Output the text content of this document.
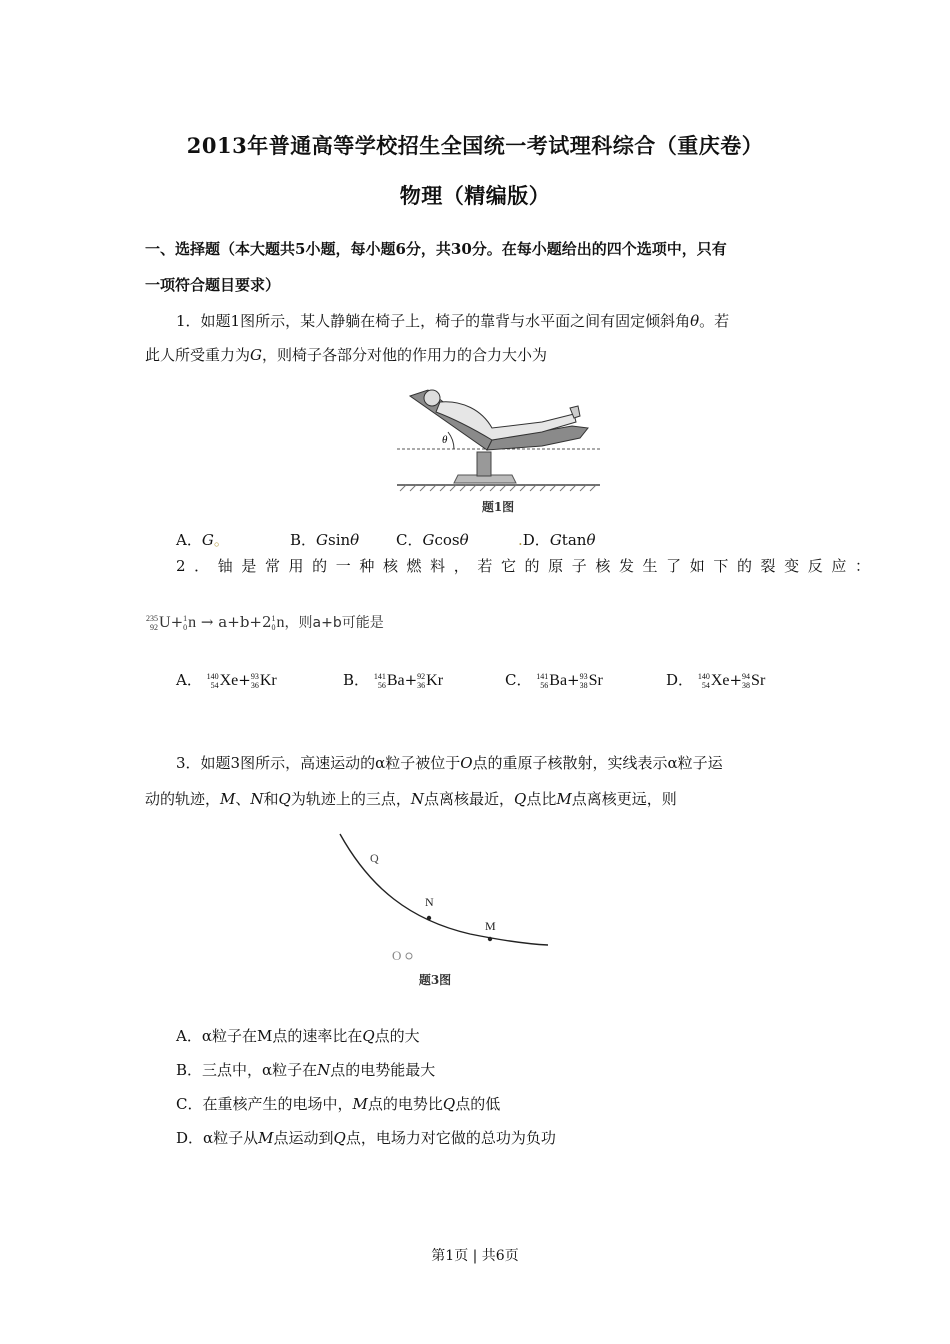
2013年普通高等学校招生全国统一考试理科综合（重庆卷）
物理（精编版）
一、选择题（本大题共5小题，每小题6分，共30分。在每小题给出的四个选项中，只有
一项符合题目要求）
1．如题1图所示，某人静躺在椅子上，椅子的靠背与水平面之间有固定倾斜角θ。若
此人所受重力为G，则椅子各部分对他的作用力的合力大小为
θ
题1图
A．G。	B．Gsinθ C．Gcosθ	.D．Gtanθ
2．铀是常用的一种核燃料，若它的原子核发生了如下的裂变反应：
235
92 U+ 1
0 n → a+b+2 1
0 n，则a+b可能是
A． 140
54 Xe+ 93
36 Kr	B． 141
56 Ba+ 92
36 Kr	C． 141
56 Ba+ 93
38 Sr	D． 140
54 Xe+ 94
38 Sr
3．如题3图所示，高速运动的α粒子被位于O点的重原子核散射，实线表示α粒子运
动的轨迹，M、N和Q为轨迹上的三点，N点离核最近，Q点比M点离核更远，则
Q
N
M
O
题3图
A．α粒子在M点的速率比在Q点的大
B．三点中，α粒子在N点的电势能最大
C．在重核产生的电场中，M点的电势比Q点的低
D．α粒子从M点运动到Q点，电场力对它做的总功为负功
第1页 | 共6页
